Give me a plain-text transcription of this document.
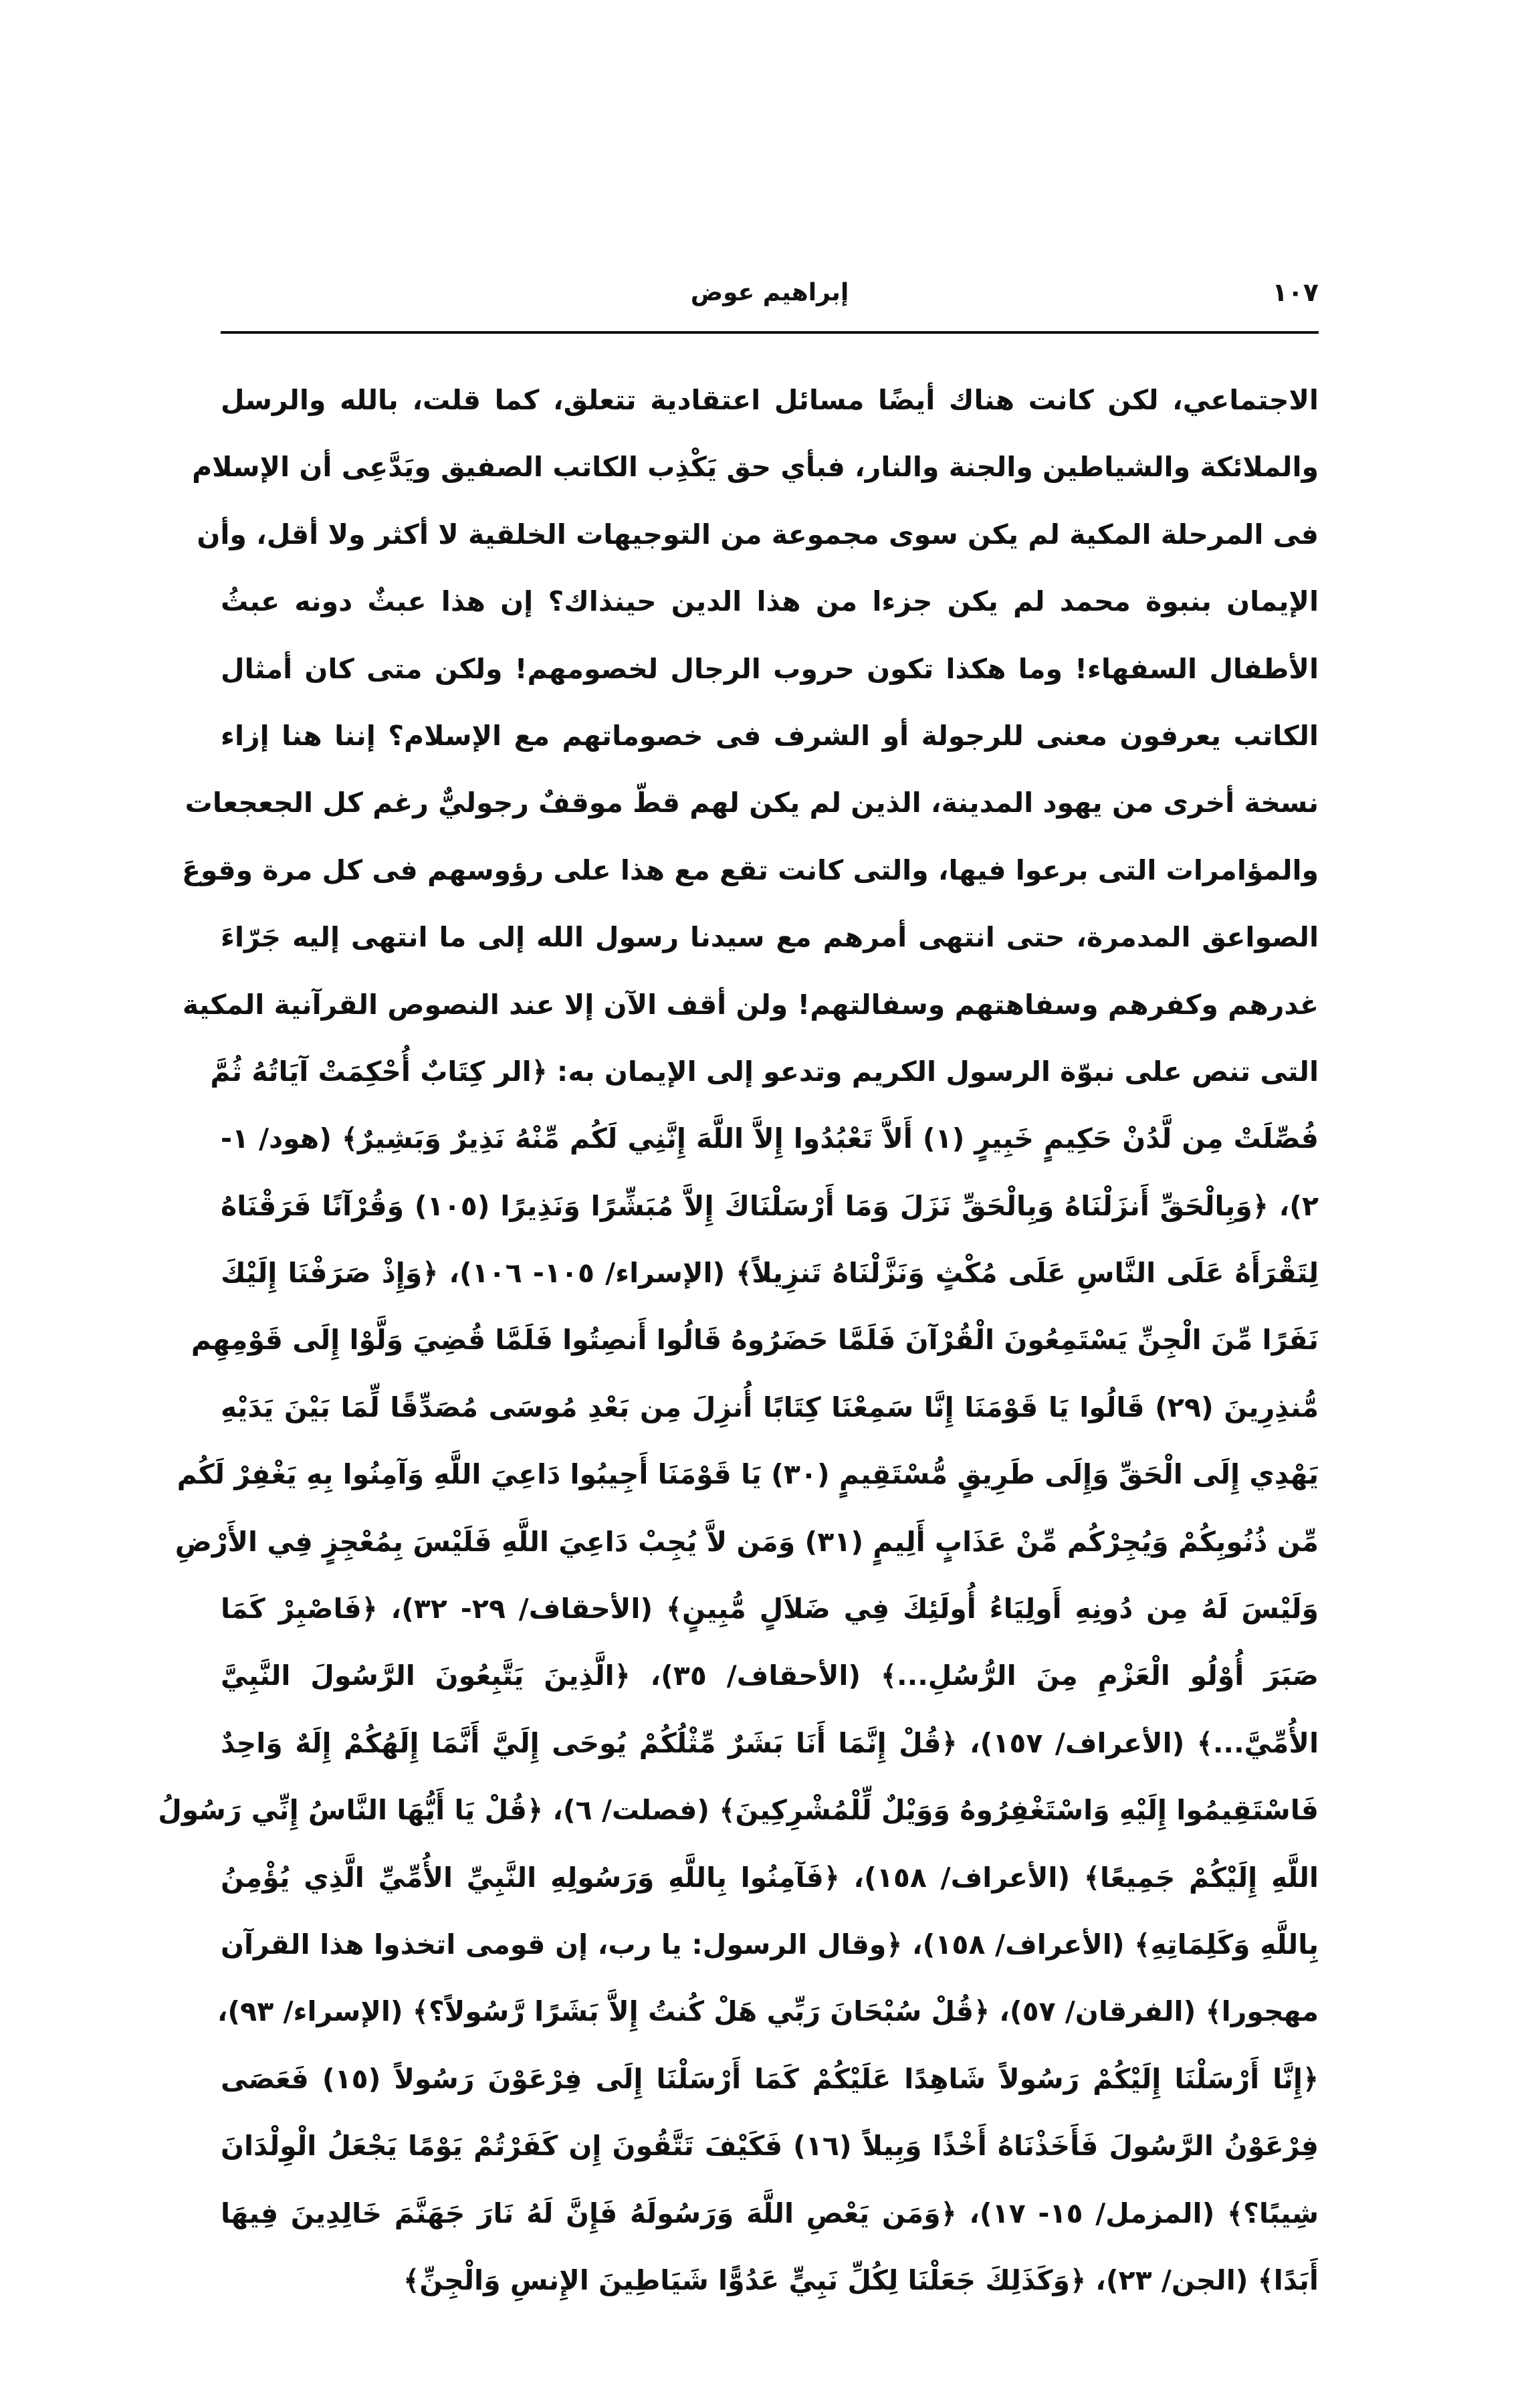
١٠٧
إبراهيم عوض
الاجتماعي، لكن كانت هناك أيضًا مسائل اعتقادية تتعلق، كما قلت، بالله والرسل
والملائكة والشياطين والجنة والنار، فبأي حق يَكْذِب الكاتب الصفيق ويَدَّعِى أن الإسلام
فى المرحلة المكية لم يكن سوى مجموعة من التوجيهات الخلقية لا أكثر ولا أقل، وأن
الإيمان بنبوة محمد لم يكن جزءا من هذا الدين حينذاك؟ إن هذا عبثٌ دونه عبثُ
الأطفال السفهاء! وما هكذا تكون حروب الرجال لخصومهم! ولكن متى كان أمثال
الكاتب يعرفون معنى للرجولة أو الشرف فى خصوماتهم مع الإسلام؟ إننا هنا إزاء
نسخة أخرى من يهود المدينة، الذين لم يكن لهم قطّ موقفٌ رجوليٌّ رغم كل الجعجعات
والمؤامرات التى برعوا فيها، والتى كانت تقع مع هذا على رؤوسهم فى كل مرة وقوعَ
الصواعق المدمرة، حتى انتهى أمرهم مع سيدنا رسول الله إلى ما انتهى إليه جَرّاءَ
غدرهم وكفرهم وسفاهتهم وسفالتهم! ولن أقف الآن إلا عند النصوص القرآنية المكية
التى تنص على نبوّة الرسول الكريم وتدعو إلى الإيمان به: ﴿الر كِتَابٌ أُحْكِمَتْ آيَاتُهُ ثُمَّ
فُصِّلَتْ مِن لَّدُنْ حَكِيمٍ خَبِيرٍ (١) أَلاَّ تَعْبُدُوا إِلاَّ اللَّهَ إِنَّنِي لَكُم مِّنْهُ نَذِيرٌ وَبَشِيرٌ﴾ (هود/ ١-
٢)، ﴿وَبِالْحَقِّ أَنزَلْنَاهُ وَبِالْحَقِّ نَزَلَ وَمَا أَرْسَلْنَاكَ إِلاَّ مُبَشِّرًا وَنَذِيرًا (١٠٥) وَقُرْآنًا فَرَقْنَاهُ
لِتَقْرَأَهُ عَلَى النَّاسِ عَلَى مُكْثٍ وَنَزَّلْنَاهُ تَنزِيلاً﴾ (الإسراء/ ١٠٥- ١٠٦)، ﴿وَإِذْ صَرَفْنَا إِلَيْكَ
نَفَرًا مِّنَ الْجِنِّ يَسْتَمِعُونَ الْقُرْآنَ فَلَمَّا حَضَرُوهُ قَالُوا أَنصِتُوا فَلَمَّا قُضِيَ وَلَّوْا إِلَى قَوْمِهِم
مُّنذِرِينَ (٢٩) قَالُوا يَا قَوْمَنَا إِنَّا سَمِعْنَا كِتَابًا أُنزِلَ مِن بَعْدِ مُوسَى مُصَدِّقًا لِّمَا بَيْنَ يَدَيْهِ
يَهْدِي إِلَى الْحَقِّ وَإِلَى طَرِيقٍ مُّسْتَقِيمٍ (٣٠) يَا قَوْمَنَا أَجِيبُوا دَاعِيَ اللَّهِ وَآمِنُوا بِهِ يَغْفِرْ لَكُم
مِّن ذُنُوبِكُمْ وَيُجِرْكُم مِّنْ عَذَابٍ أَلِيمٍ (٣١) وَمَن لاَّ يُجِبْ دَاعِيَ اللَّهِ فَلَيْسَ بِمُعْجِزٍ فِي الأَرْضِ
وَلَيْسَ لَهُ مِن دُونِهِ أَولِيَاءُ أُولَئِكَ فِي ضَلاَلٍ مُّبِينٍ﴾ (الأحقاف/ ٢٩- ٣٢)، ﴿فَاصْبِرْ كَمَا
صَبَرَ أُوْلُو الْعَزْمِ مِنَ الرُّسُلِ...﴾ (الأحقاف/ ٣٥)، ﴿الَّذِينَ يَتَّبِعُونَ الرَّسُولَ النَّبِيَّ
الأُمِّيَّ...﴾ (الأعراف/ ١٥٧)، ﴿قُلْ إِنَّمَا أَنَا بَشَرٌ مِّثْلُكُمْ يُوحَى إِلَيَّ أَنَّمَا إِلَهُكُمْ إِلَهٌ وَاحِدٌ
فَاسْتَقِيمُوا إِلَيْهِ وَاسْتَغْفِرُوهُ وَوَيْلٌ لِّلْمُشْرِكِينَ﴾ (فصلت/ ٦)، ﴿قُلْ يَا أَيُّهَا النَّاسُ إِنِّي رَسُولُ
اللَّهِ إِلَيْكُمْ جَمِيعًا﴾ (الأعراف/ ١٥٨)، ﴿فَآمِنُوا بِاللَّهِ وَرَسُولِهِ النَّبِيِّ الأُمِّيِّ الَّذِي يُؤْمِنُ
بِاللَّهِ وَكَلِمَاتِهِ﴾ (الأعراف/ ١٥٨)، ﴿وقال الرسول: يا رب، إن قومى اتخذوا هذا القرآن
مهجورا﴾ (الفرقان/ ٥٧)، ﴿قُلْ سُبْحَانَ رَبِّي هَلْ كُنتُ إِلاَّ بَشَرًا رَّسُولاً؟﴾ (الإسراء/ ٩٣)،
﴿إِنَّا أَرْسَلْنَا إِلَيْكُمْ رَسُولاً شَاهِدًا عَلَيْكُمْ كَمَا أَرْسَلْنَا إِلَى فِرْعَوْنَ رَسُولاً (١٥) فَعَصَى
فِرْعَوْنُ الرَّسُولَ فَأَخَذْنَاهُ أَخْذًا وَبِيلاً (١٦) فَكَيْفَ تَتَّقُونَ إِن كَفَرْتُمْ يَوْمًا يَجْعَلُ الْوِلْدَانَ
شِيبًا؟﴾ (المزمل/ ١٥- ١٧)، ﴿وَمَن يَعْصِ اللَّهَ وَرَسُولَهُ فَإِنَّ لَهُ نَارَ جَهَنَّمَ خَالِدِينَ فِيهَا
أَبَدًا﴾ (الجن/ ٢٣)، ﴿وَكَذَلِكَ جَعَلْنَا لِكُلِّ نَبِيٍّ عَدُوًّا شَيَاطِينَ الإِنسِ وَالْجِنِّ﴾
